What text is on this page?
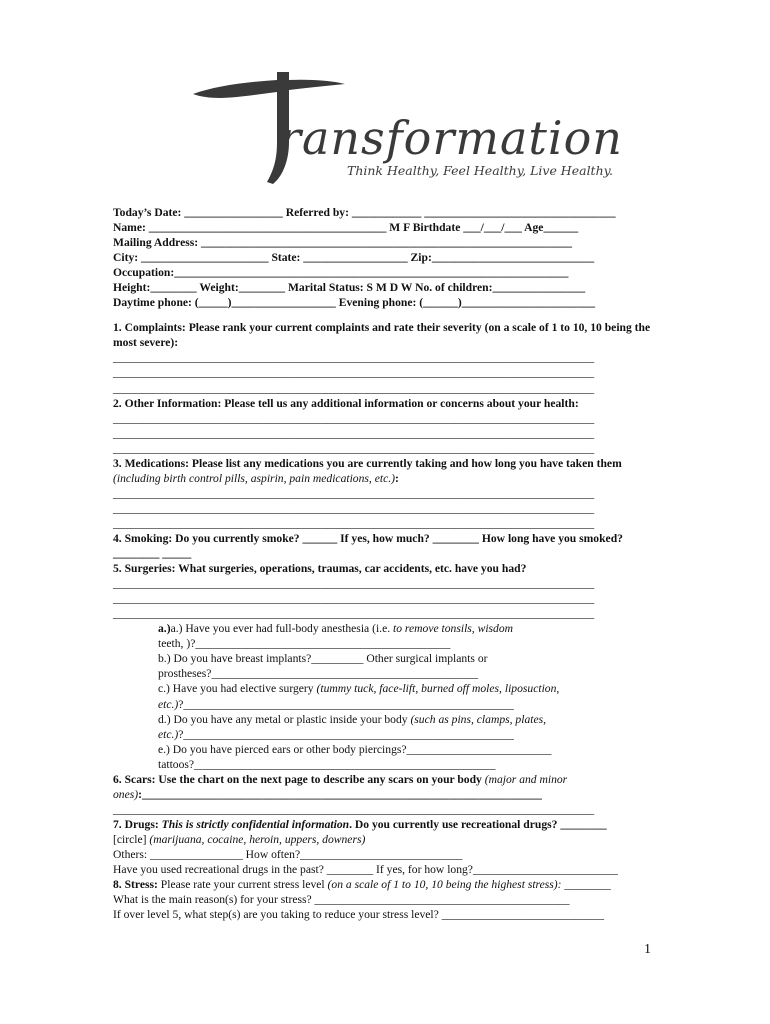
ransformation
Think Healthy, Feel Healthy, Live Healthy.
Today’s Date: _________________ Referred by: ____________ _________________________________
Name: _________________________________________ M F Birthdate ___/___/___ Age______
Mailing Address: ________________________________________________________________
City: ______________________ State: __________________ Zip:____________________________
Occupation:____________________________________________________________________
Height:________ Weight:________ Marital Status: S M D W No. of children:________________
Daytime phone: (_____)__________________ Evening phone: (______)_______________________
1. Complaints: Please rank your current complaints and rate their severity (on a scale of 1 to 10, 10 being the most severe):
___________________________________________________________________________________
___________________________________________________________________________________
___________________________________________________________________________________
2. Other Information: Please tell us any additional information or concerns about your health:
___________________________________________________________________________________
___________________________________________________________________________________
___________________________________________________________________________________
3. Medications: Please list any medications you are currently taking and how long you have taken them (including birth control pills, aspirin, pain medications, etc.):
___________________________________________________________________________________
___________________________________________________________________________________
___________________________________________________________________________________
4. Smoking: Do you currently smoke? ______ If yes, how much? ________ How long have you smoked? ________ _____
5. Surgeries: What surgeries, operations, traumas, car accidents, etc. have you had?
___________________________________________________________________________________
___________________________________________________________________________________
___________________________________________________________________________________
a.)a.) Have you ever had full-body anesthesia (i.e. to remove tonsils, wisdom
teeth, )?____________________________________________
b.) Do you have breast implants?_________ Other surgical implants or
prostheses?______________________________________________
c.) Have you had elective surgery (tummy tuck, face-lift, burned off moles, liposuction,
etc.)?_________________________________________________________
d.) Do you have any metal or plastic inside your body (such as pins, clamps, plates,
etc.)?_________________________________________________________
e.) Do you have pierced ears or other body piercings?_________________________
tattoos?____________________________________________________
6. Scars: Use the chart on the next page to describe any scars on your body (major and minor ones):_____________________________________________________________________
___________________________________________________________________________________
7. Drugs: This is strictly confidential information. Do you currently use recreational drugs? ________
[circle] (marijuana, cocaine, heroin, uppers, downers)
Others: ________________ How often?____________________________
Have you used recreational drugs in the past? ________ If yes, for how long?_________________________
8. Stress: Please rate your current stress level (on a scale of 1 to 10, 10 being the highest stress): ________
What is the main reason(s) for your stress? ____________________________________________
If over level 5, what step(s) are you taking to reduce your stress level? ____________________________
1
